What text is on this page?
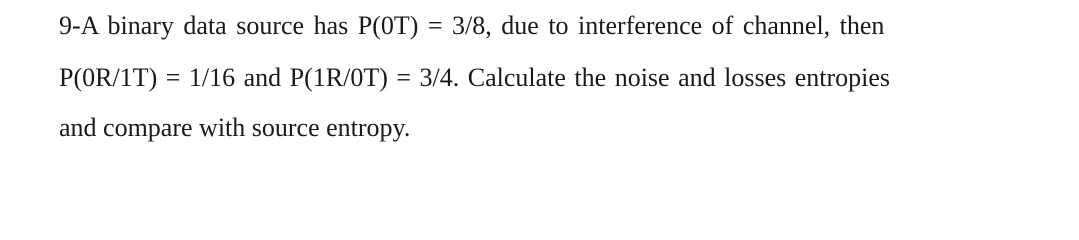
9-A binary data source has P(0T) = 3/8, due to interference of channel, then
P(0R/1T) = 1/16 and P(1R/0T) = 3/4. Calculate the noise and losses entropies
and compare with source entropy.
